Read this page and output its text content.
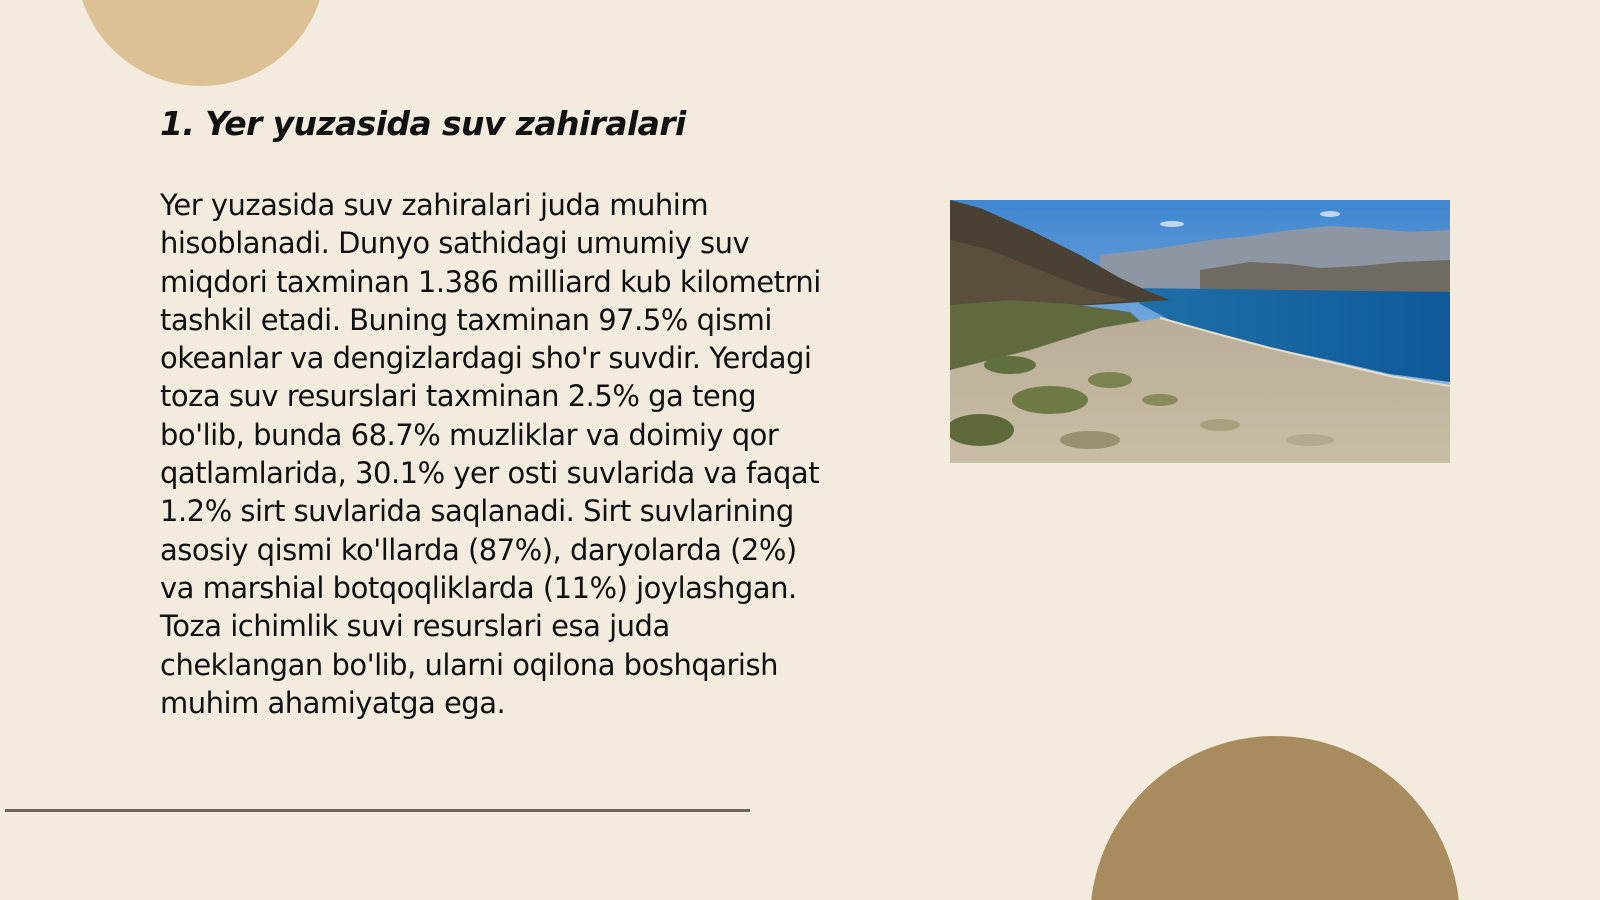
1. Yer yuzasida suv zahiralari

Yer yuzasida suv zahiralari juda muhim hisoblanadi. Dunyo sathidagi umumiy suv miqdori taxminan 1.386 milliard kub kilometrni tashkil etadi. Buning taxminan 97.5% qismi okeanlar va dengizlardagi sho'r suvdir. Yerdagi toza suv resurslari taxminan 2.5% ga teng bo'lib, bunda 68.7% muzliklar va doimiy qor qatlamlarida, 30.1% yer osti suvlarida va faqat 1.2% sirt suvlarida saqlanadi. Sirt suvlarining asosiy qismi ko'llarda (87%), daryolarda (2%) va marshial botqoqliklarda (11%) joylashgan. Toza ichimlik suvi resurslari esa juda cheklangan bo'lib, ularni oqilona boshqarish muhim ahamiyatga ega.
